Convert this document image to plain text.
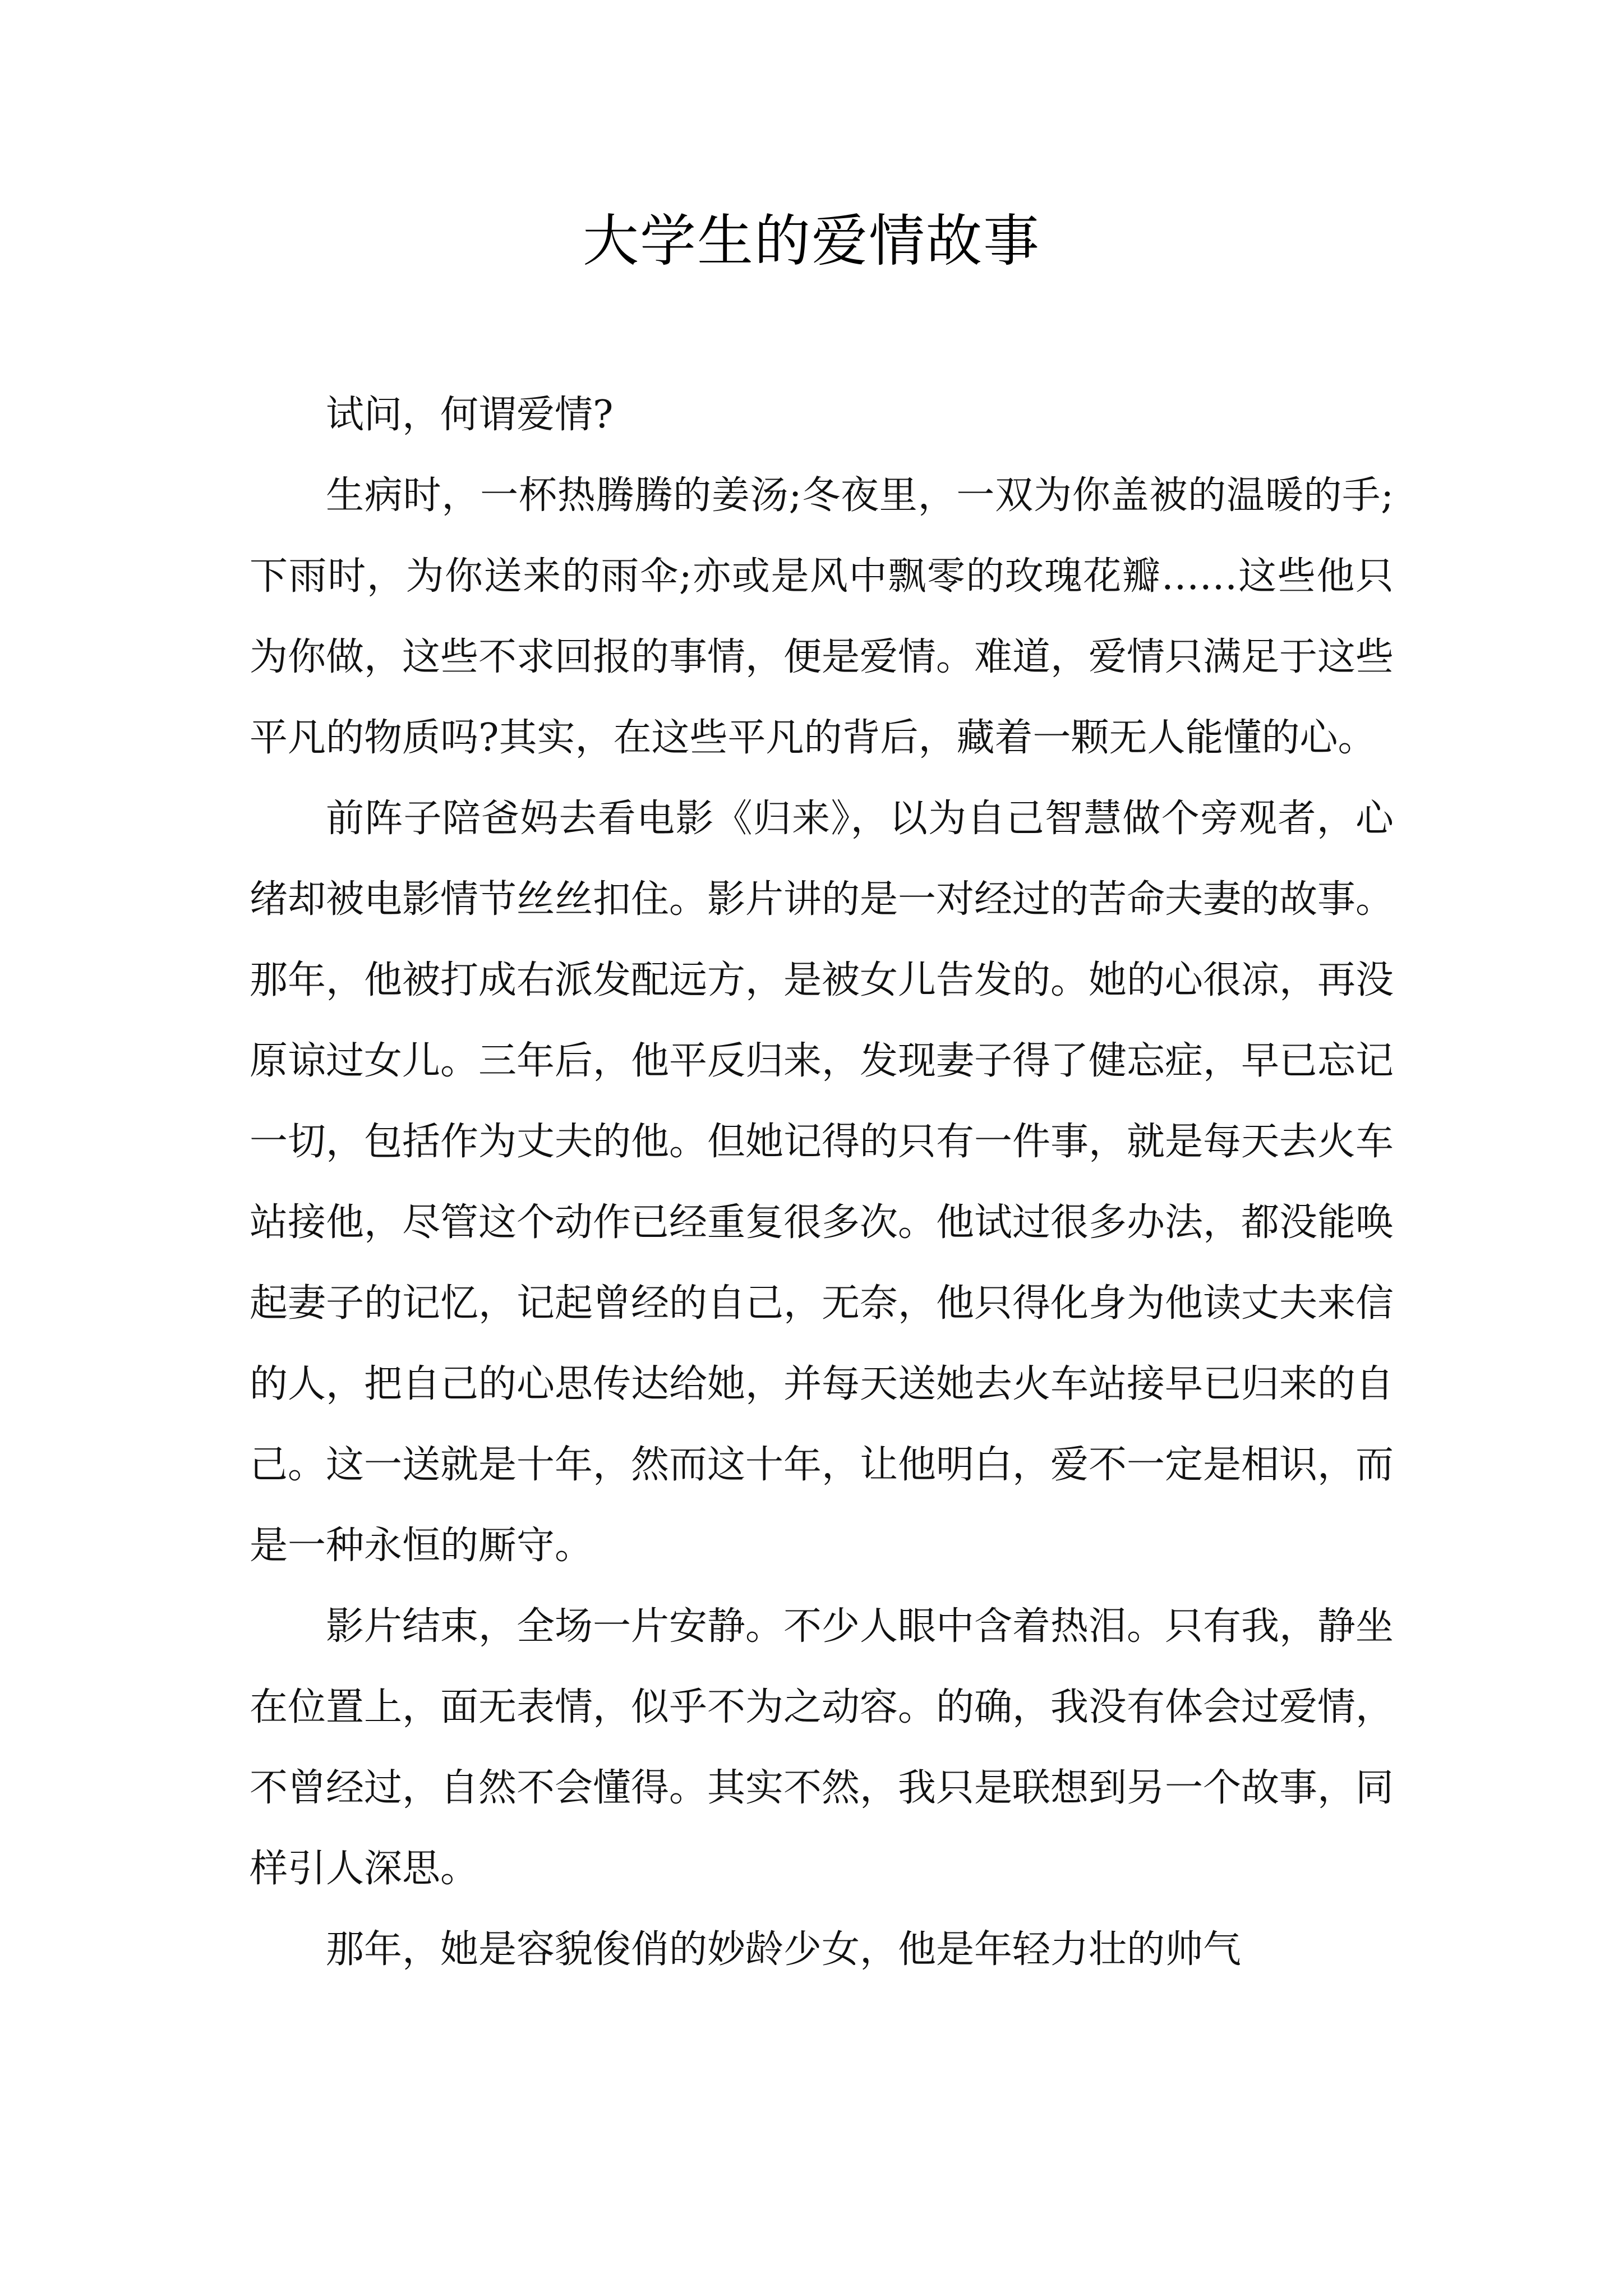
大学生的爱情故事

试问，何谓爱情?

生病时，一杯热腾腾的姜汤;冬夜里，一双为你盖被的温暖的手;下雨时，为你送来的雨伞;亦或是风中飘零的玫瑰花瓣……这些他只为你做，这些不求回报的事情，便是爱情。难道，爱情只满足于这些平凡的物质吗?其实，在这些平凡的背后，藏着一颗无人能懂的心。

前阵子陪爸妈去看电影《归来》，以为自己智慧做个旁观者，心绪却被电影情节丝丝扣住。影片讲的是一对经过的苦命夫妻的故事。那年，他被打成右派发配远方，是被女儿告发的。她的心很凉，再没原谅过女儿。三年后，他平反归来，发现妻子得了健忘症，早已忘记一切，包括作为丈夫的他。但她记得的只有一件事，就是每天去火车站接他，尽管这个动作已经重复很多次。他试过很多办法，都没能唤起妻子的记忆，记起曾经的自己，无奈，他只得化身为他读丈夫来信的人，把自己的心思传达给她，并每天送她去火车站接早已归来的自己。这一送就是十年，然而这十年，让他明白，爱不一定是相识，而是一种永恒的厮守。

影片结束，全场一片安静。不少人眼中含着热泪。只有我，静坐在位置上，面无表情，似乎不为之动容。的确，我没有体会过爱情，不曾经过，自然不会懂得。其实不然，我只是联想到另一个故事，同样引人深思。

那年，她是容貌俊俏的妙龄少女，他是年轻力壮的帅气
